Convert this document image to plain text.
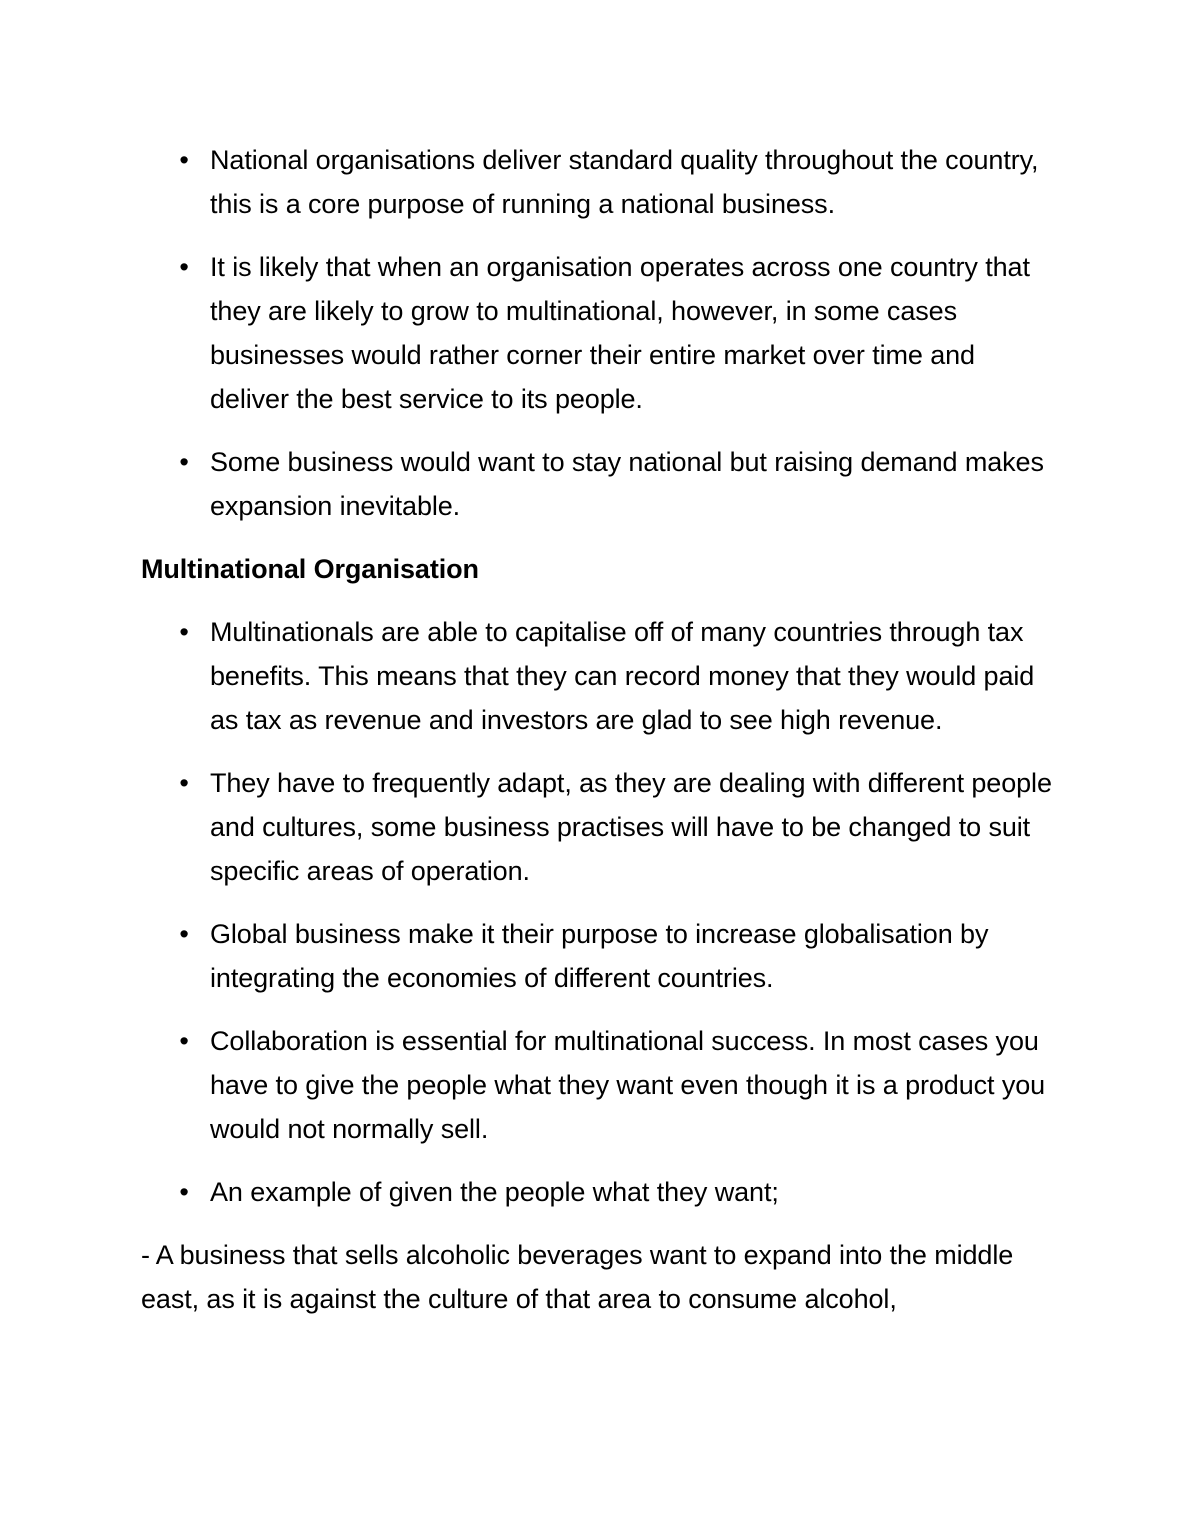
• National organisations deliver standard quality throughout the country, this is a core purpose of running a national business.
• It is likely that when an organisation operates across one country that they are likely to grow to multinational, however, in some cases businesses would rather corner their entire market over time and deliver the best service to its people.
• Some business would want to stay national but raising demand makes expansion inevitable.

Multinational Organisation

• Multinationals are able to capitalise off of many countries through tax benefits. This means that they can record money that they would paid as tax as revenue and investors are glad to see high revenue.
• They have to frequently adapt, as they are dealing with different people and cultures, some business practises will have to be changed to suit specific areas of operation.
• Global business make it their purpose to increase globalisation by integrating the economies of different countries.
• Collaboration is essential for multinational success. In most cases you have to give the people what they want even though it is a product you would not normally sell.
• An example of given the people what they want;

- A business that sells alcoholic beverages want to expand into the middle east, as it is against the culture of that area to consume alcohol,
